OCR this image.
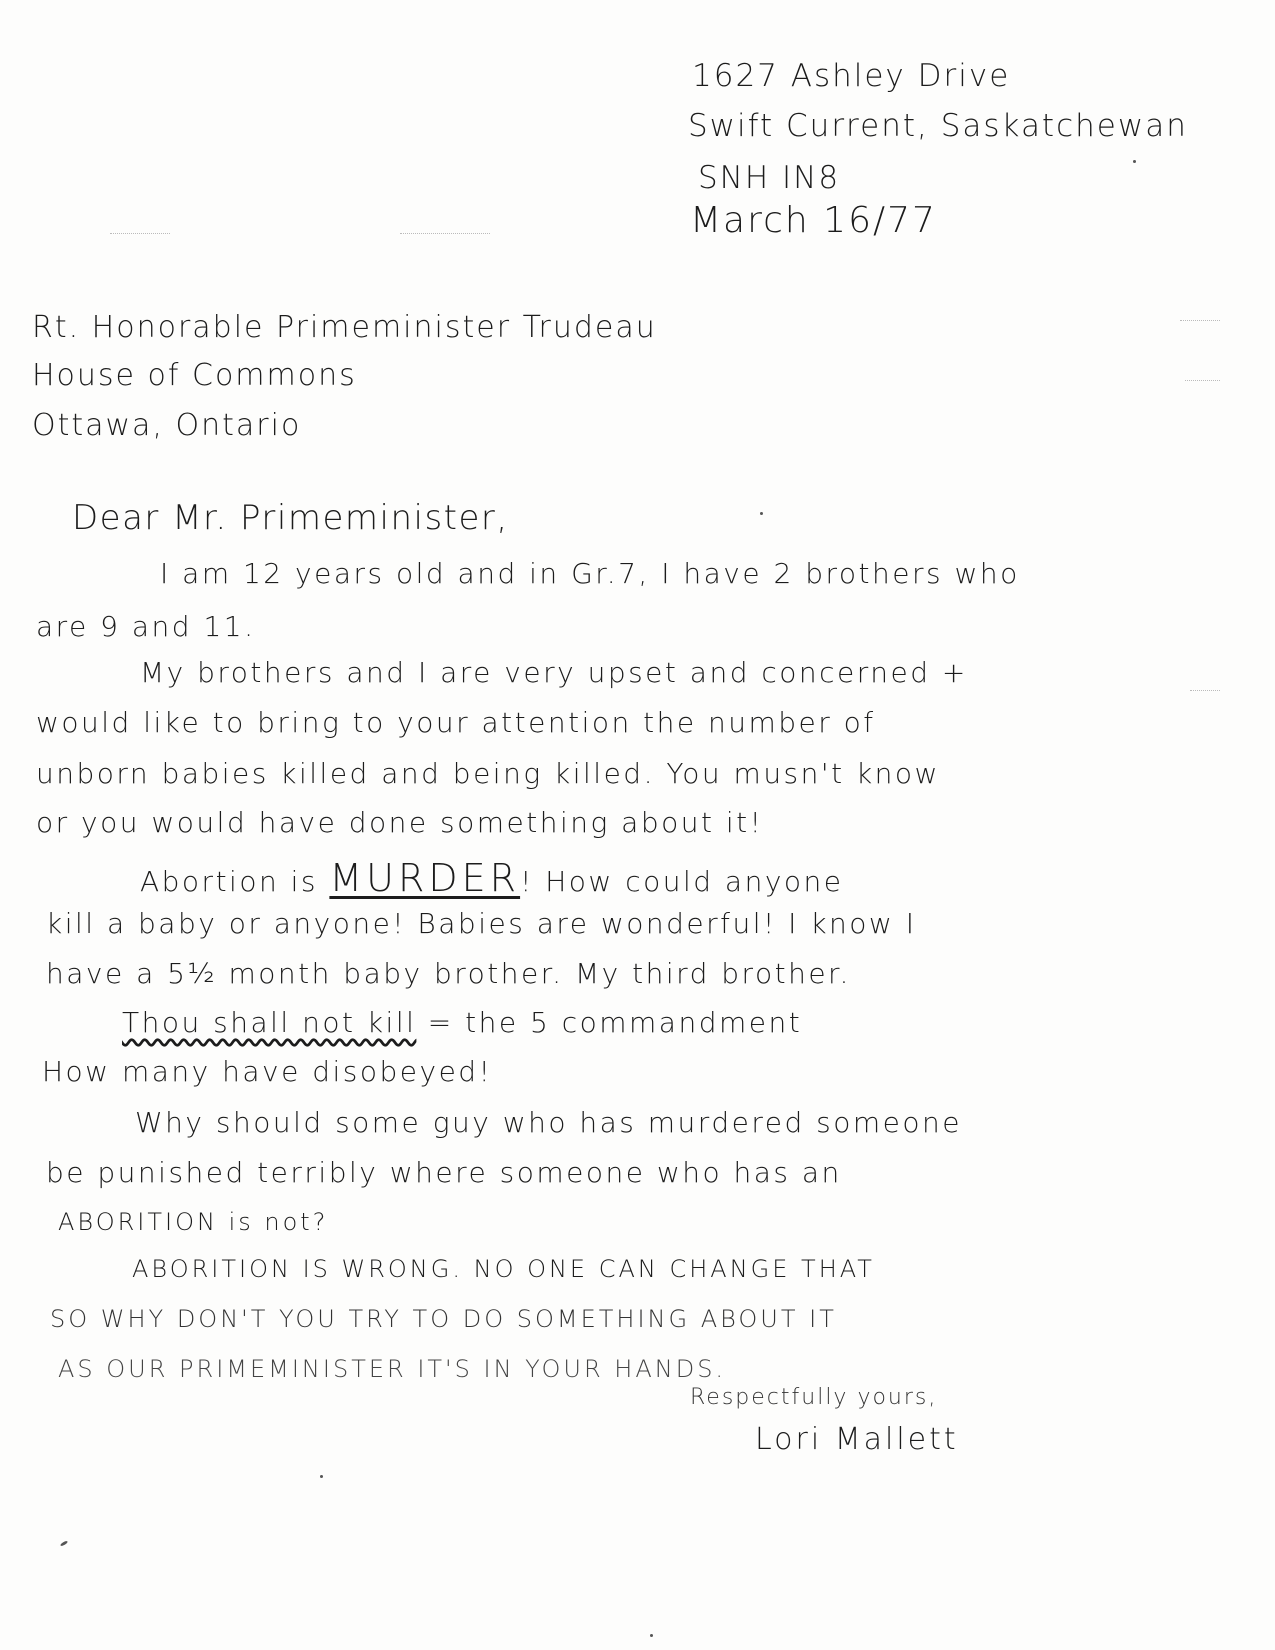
1627 Ashley Drive
Swift Current, Saskatchewan
SNH IN8
March 16/77
Rt. Honorable Primeminister Trudeau
House of Commons
Ottawa, Ontario
Dear Mr. Primeminister,
I am 12 years old and in Gr.7, I have 2 brothers who
are 9 and 11.
My brothers and I are very upset and concerned +
would like to bring to your attention the number of
unborn babies killed and being killed. You musn't know
or you would have done something about it!
Abortion is MURDER! How could anyone
kill a baby or anyone! Babies are wonderful! I know I
have a 5½ month baby brother. My third brother.
Thou shall not kill = the 5 commandment
How many have disobeyed!
Why should some guy who has murdered someone
be punished terribly where someone who has an
ABORITION is not?
ABORITION IS WRONG. NO ONE CAN CHANGE THAT
SO WHY DON'T YOU TRY TO DO SOMETHING ABOUT IT
AS OUR PRIMEMINISTER IT'S IN YOUR HANDS.
Respectfully yours,
Lori Mallett
